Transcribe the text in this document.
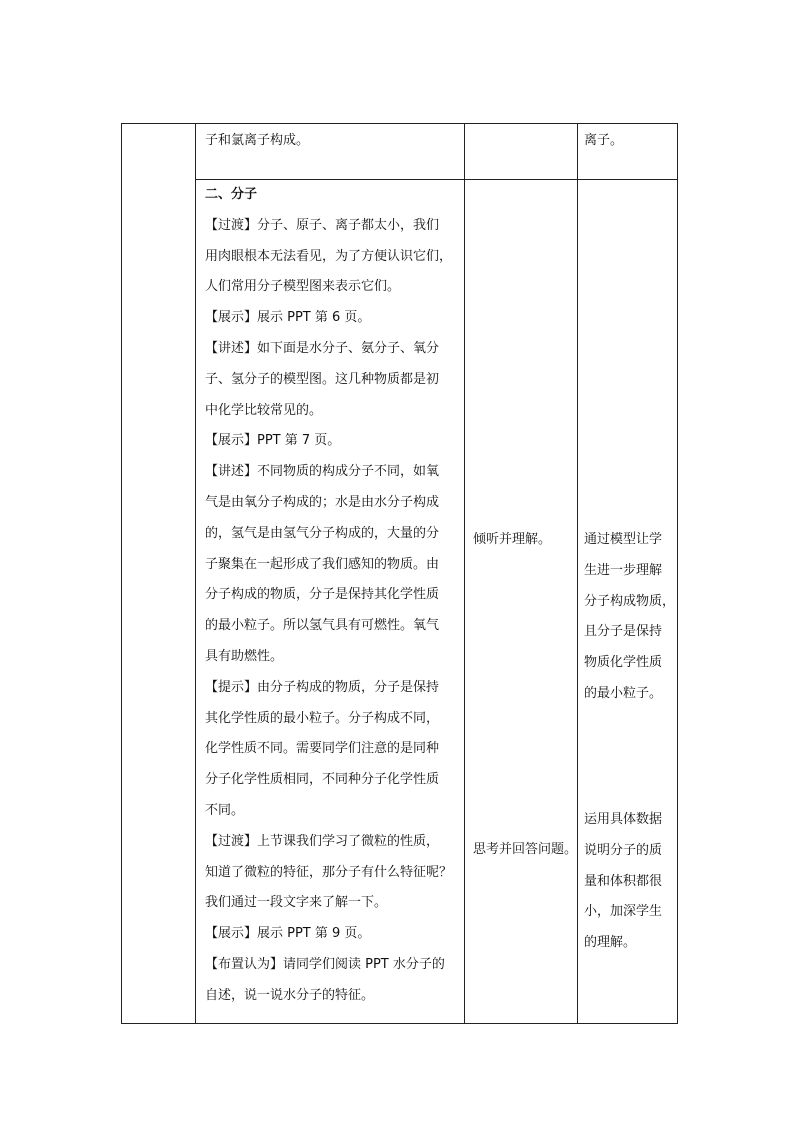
子和氯离子构成。	离子。
二、分子
【过渡】分子、原子、离子都太小，我们
用肉眼根本无法看见，为了方便认识它们，
人们常用分子模型图来表示它们。
【展示】展示 PPT 第 6 页。
【讲述】如下面是水分子、氨分子、氧分
子、氢分子的模型图。这几种物质都是初
中化学比较常见的。
【展示】PPT 第 7 页。
【讲述】不同物质的构成分子不同，如氧
气是由氧分子构成的；水是由水分子构成
的，氢气是由氢气分子构成的，大量的分
子聚集在一起形成了我们感知的物质。由
分子构成的物质，分子是保持其化学性质
的最小粒子。所以氢气具有可燃性。氧气
具有助燃性。
【提示】由分子构成的物质，分子是保持
其化学性质的最小粒子。分子构成不同，
化学性质不同。需要同学们注意的是同种
分子化学性质相同，不同种分子化学性质
不同。
【过渡】上节课我们学习了微粒的性质，
知道了微粒的特征，那分子有什么特征呢？
我们通过一段文字来了解一下。
【展示】展示 PPT 第 9 页。
【布置认为】请同学们阅读 PPT 水分子的
自述，说一说水分子的特征。
倾听并理解。
思考并回答问题。
通过模型让学
生进一步理解
分子构成物质，
且分子是保持
物质化学性质
的最小粒子。
运用具体数据
说明分子的质
量和体积都很
小，加深学生
的理解。
